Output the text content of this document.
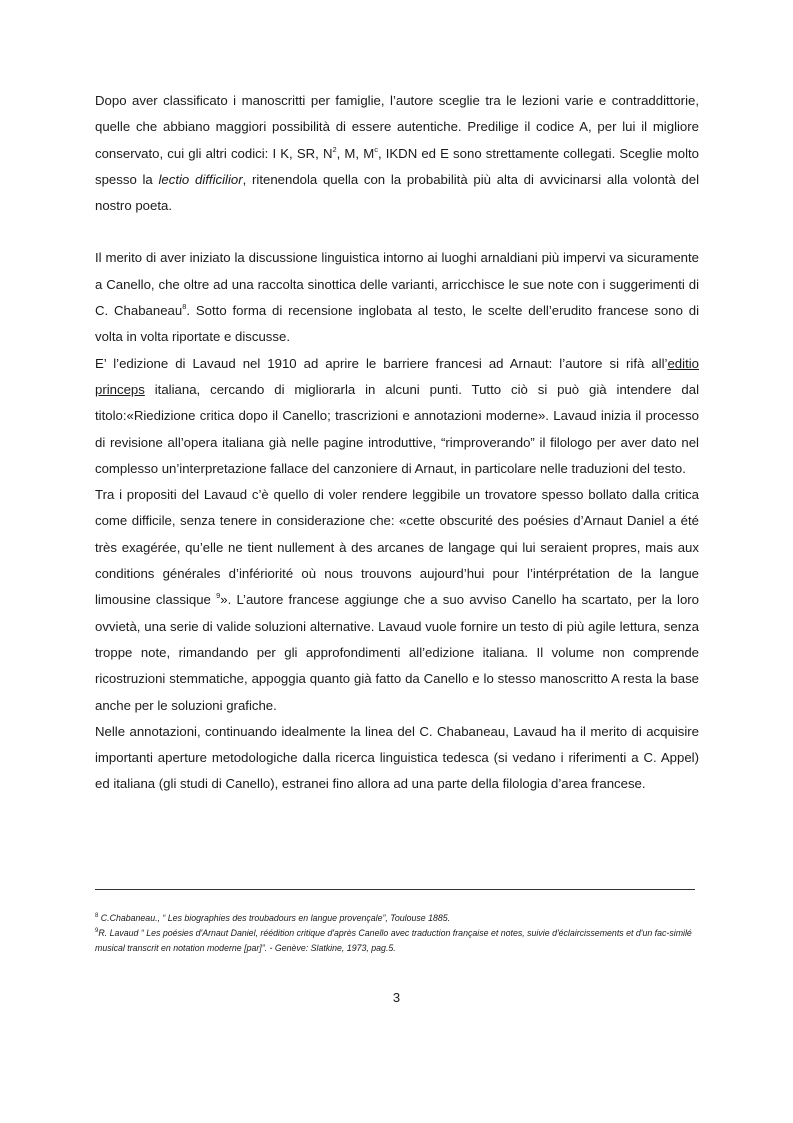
Dopo aver classificato i manoscritti per famiglie, l’autore sceglie tra le lezioni varie e contraddittorie, quelle che abbiano maggiori possibilità di essere autentiche. Predilige il codice A, per lui il migliore conservato, cui gli altri codici: I K, SR, $N^2$, M, $M^c$, IKDN ed E sono strettamente collegati. Sceglie molto spesso la lectio difficilior, ritenendola quella con la probabilità più alta di avvicinarsi alla volontà del nostro poeta.

Il merito di aver iniziato la discussione linguistica intorno ai luoghi arnaldiani più impervi va sicuramente a Canello, che oltre ad una raccolta sinottica delle varianti, arricchisce le sue note con i suggerimenti di C. Chabaneau$^8$. Sotto forma di recensione inglobata al testo, le scelte dell’erudito francese sono di volta in volta riportate e discusse.

E’ l’edizione di Lavaud nel 1910 ad aprire le barriere francesi ad Arnaut: l’autore si rifà all’editio princeps italiana, cercando di migliorarla in alcuni punti. Tutto ciò si può già intendere dal titolo:«Riedizione critica dopo il Canello; trascrizioni e annotazioni moderne». Lavaud inizia il processo di revisione all’opera italiana già nelle pagine introduttive, “rimproverando” il filologo per aver dato nel complesso un’interpretazione fallace del canzoniere di Arnaut, in particolare nelle traduzioni del testo.

Tra i propositi del Lavaud c’è quello di voler rendere leggibile un trovatore spesso bollato dalla critica come difficile, senza tenere in considerazione che: «cette obscurité des poésies d’Arnaut Daniel a été très exagérée, qu’elle ne tient nullement à des arcanes de langage qui lui seraient propres, mais aux conditions générales d’infériorité où nous trouvons aujourd’hui pour l’intérprétation de la langue limousine classique $^9$». L’autore francese aggiunge che a suo avviso Canello ha scartato, per la loro ovvietà, una serie di valide soluzioni alternative. Lavaud vuole fornire un testo di più agile lettura, senza troppe note, rimandando per gli approfondimenti all’edizione italiana. Il volume non comprende ricostruzioni stemmatiche, appoggia quanto già fatto da Canello e lo stesso manoscritto A resta la base anche per le soluzioni grafiche.

Nelle annotazioni, continuando idealmente la linea del C. Chabaneau, Lavaud ha il merito di acquisire importanti aperture metodologiche dalla ricerca linguistica tedesca (si vedano i riferimenti a C. Appel) ed italiana (gli studi di Canello), estranei fino allora ad una parte della filologia d’area francese.

$^8$ C.Chabaneau., “ Les biographies des troubadours en langue provençale”, Toulouse 1885.

$^9$R. Lavaud “ Les poésies d'Arnaut Daniel, réédition critique d'après Canello avec traduction française et notes, suivie d'éclaircissements et d'un fac-similé musical transcrit en notation moderne [par]”. - Genève: Slatkine, 1973, pag.5.

3
